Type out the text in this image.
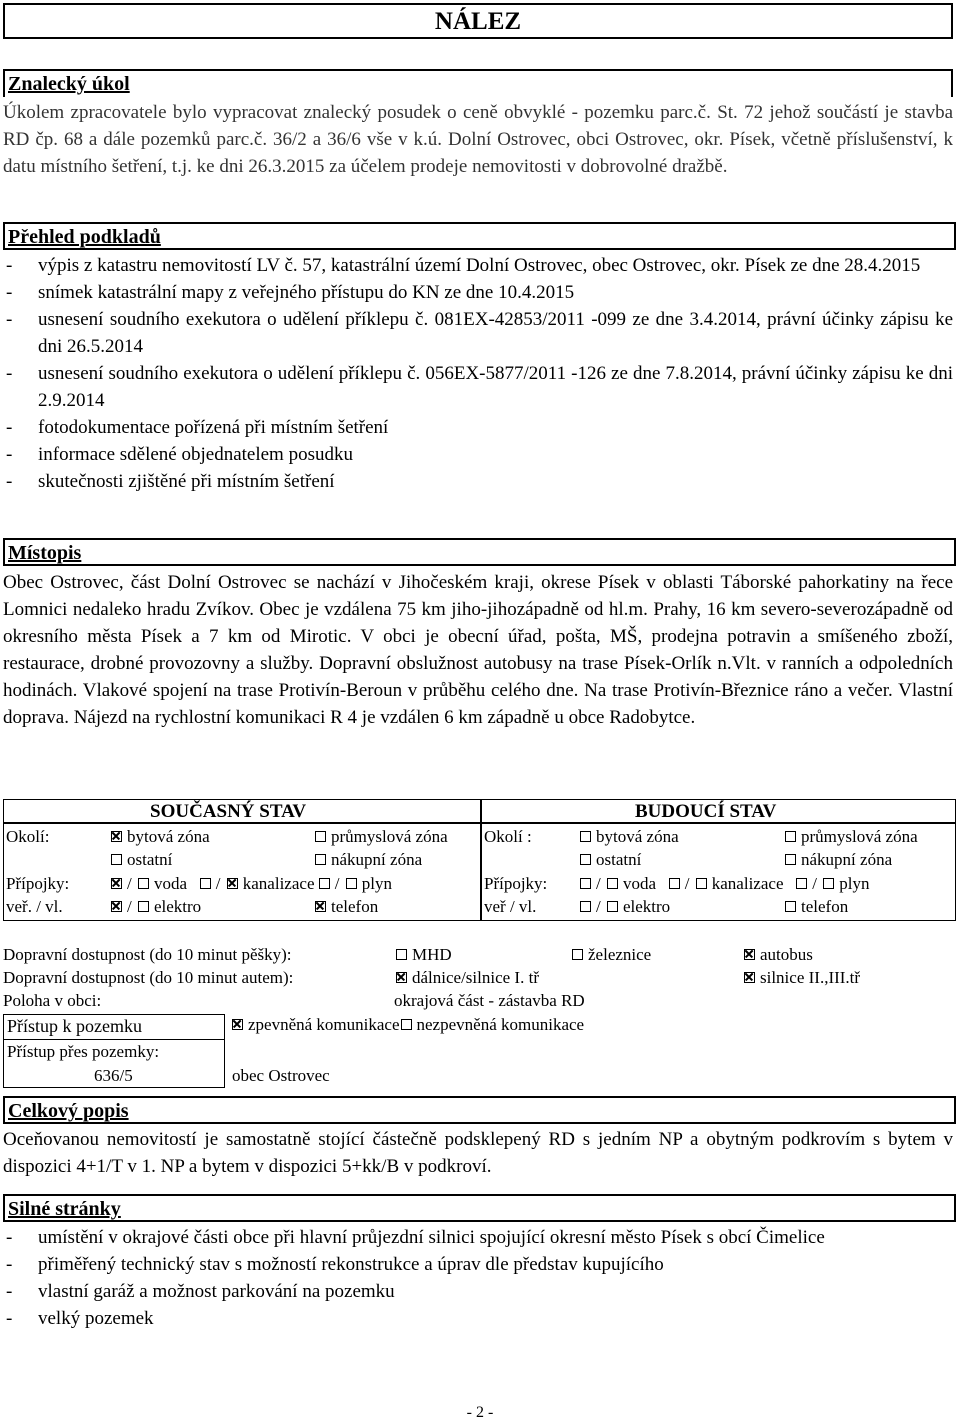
NÁLEZ
Znalecký úkol
Úkolem zpracovatele bylo vypracovat znalecký posudek o ceně obvyklé - pozemku parc.č. St. 72 jehož součástí je stavba RD čp. 68 a dále pozemků parc.č. 36/2 a 36/6 vše v k.ú. Dolní Ostrovec, obci Ostrovec, okr. Písek, včetně příslušenství, k datu místního šetření, t.j. ke dni 26.3.2015 za účelem prodeje nemovitosti v dobrovolné dražbě.
Přehled podkladů
- výpis z katastru nemovitostí LV č. 57, katastrální území Dolní Ostrovec, obec Ostrovec, okr. Písek ze dne 28.4.2015
- snímek katastrální mapy z veřejného přístupu do KN ze dne 10.4.2015
- usnesení soudního exekutora o udělení příklepu č. 081EX-42853/2011 -099 ze dne 3.4.2014, právní účinky zápisu ke dni 26.5.2014
- usnesení soudního exekutora o udělení příklepu č. 056EX-5877/2011 -126 ze dne 7.8.2014, právní účinky zápisu ke dni 2.9.2014
- fotodokumentace pořízená při místním šetření
- informace sdělené objednatelem posudku
- skutečnosti zjištěné při místním šetření
Místopis
Obec Ostrovec, část Dolní Ostrovec se nachází v Jihočeském kraji, okrese Písek v oblasti Táborské pahorkatiny na řece Lomnici nedaleko hradu Zvíkov. Obec je vzdálena 75 km jiho-jihozápadně od hl.m. Prahy, 16 km severo-severozápadně od okresního města Písek a 7 km od Mirotic. V obci je obecní úřad, pošta, MŠ, prodejna potravin a smíšeného zboží, restaurace, drobné provozovny a služby. Dopravní obslužnost autobusy na trase Písek-Orlík n.Vlt. v ranních a odpoledních hodinách. Vlakové spojení na trase Protivín-Beroun v průběhu celého dne. Na trase Protivín-Březnice ráno a večer. Vlastní doprava. Nájezd na rychlostní komunikaci R 4 je vzdálen 6 km západně u obce Radobytce.
SOUČASNÝ STAV	BUDOUCÍ STAV
Okolí:	bytová zóna	průmyslová zóna
ostatní	nákupní zóna
Přípojky:	/ voda / kanalizace / plyn
veř. / vl.	/ elektro	telefon
Okolí :	bytová zóna	průmyslová zóna
ostatní	nákupní zóna
Přípojky:	/ voda / kanalizace / plyn
veř / vl.	/ elektro	telefon
Dopravní dostupnost (do 10 minut pěšky):	MHD	železnice	autobus
Dopravní dostupnost (do 10 minut autem):	dálnice/silnice I. tř	silnice II.,III.tř
Poloha v obci:	okrajová část - zástavba RD
Přístup k pozemku	zpevněná komunikace nezpevněná komunikace
Přístup přes pozemky:
636/5	obec Ostrovec
Celkový popis
Oceňovanou nemovitostí je samostatně stojící částečně podsklepený RD s jedním NP a obytným podkrovím s bytem v dispozici 4+1/T v 1. NP a bytem v dispozici 5+kk/B v podkroví.
Silné stránky
- umístění v okrajové části obce při hlavní průjezdní silnici spojující okresní město Písek s obcí Čimelice
- přiměřený technický stav s možností rekonstrukce a úprav dle představ kupujícího
- vlastní garáž a možnost parkování na pozemku
- velký pozemek
- 2 -
